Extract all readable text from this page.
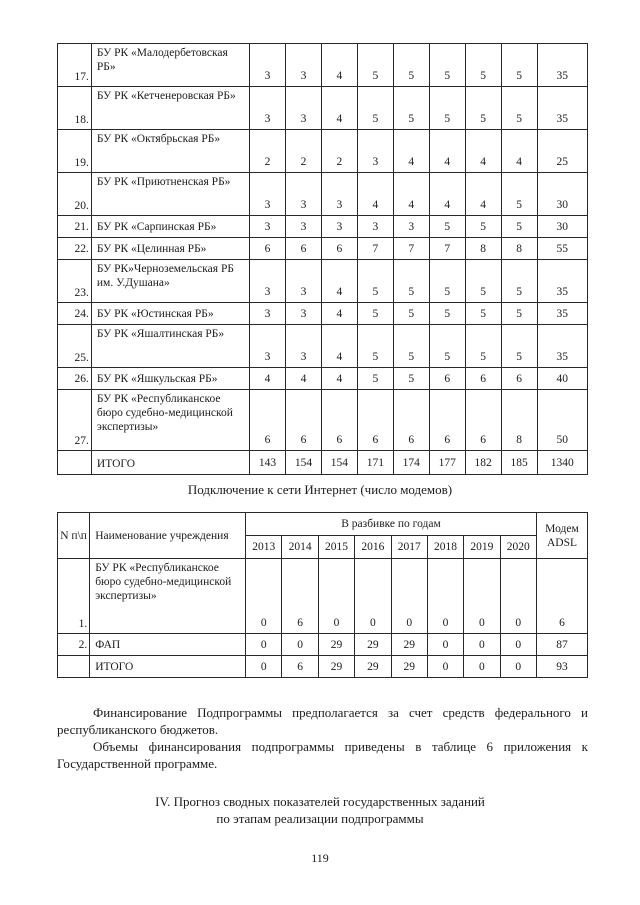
17.	БУ РК «Малодербетовская РБ»	3	3	4	5	5	5	5	5	35
18.	БУ РК «Кетченеровская РБ»	3	3	4	5	5	5	5	5	35
19.	БУ РК «Октябрьская РБ»	2	2	2	3	4	4	4	4	25
20.	БУ РК «Приютненская РБ»	3	3	3	4	4	4	4	5	30
21.	БУ РК «Сарпинская РБ»	3	3	3	3	3	5	5	5	30
22.	БУ РК «Целинная РБ»	6	6	6	7	7	7	8	8	55
23.	БУ РК»Черноземельская РБ им. У.Душана»	3	3	4	5	5	5	5	5	35
24.	БУ РК «Юстинская РБ»	3	3	4	5	5	5	5	5	35
25.	БУ РК «Яшалтинская РБ»	3	3	4	5	5	5	5	5	35
26.	БУ РК «Яшкульская РБ»	4	4	4	5	5	6	6	6	40
27.	БУ РК «Республиканское бюро судебно-медицинской экспертизы»	6	6	6	6	6	6	6	8	50
	ИТОГО	143	154	154	171	174	177	182	185	1340
Подключение к сети Интернет (число модемов)
N п\п	Наименование учреждения	В разбивке по годам								Модем ADSL
		2013	2014	2015	2016	2017	2018	2019	2020	
1.	БУ РК «Республиканское бюро судебно-медицинской экспертизы»	0	6	0	0	0	0	0	0	6
2.	ФАП	0	0	29	29	29	0	0	0	87
	ИТОГО	0	6	29	29	29	0	0	0	93

Финансирование Подпрограммы предполагается за счет средств федерального и республиканского бюджетов.

Объемы финансирования подпрограммы приведены в таблице 6 приложения к Государственной программе.

IV. Прогноз сводных показателей государственных заданий
по этапам реализации подпрограммы
119
